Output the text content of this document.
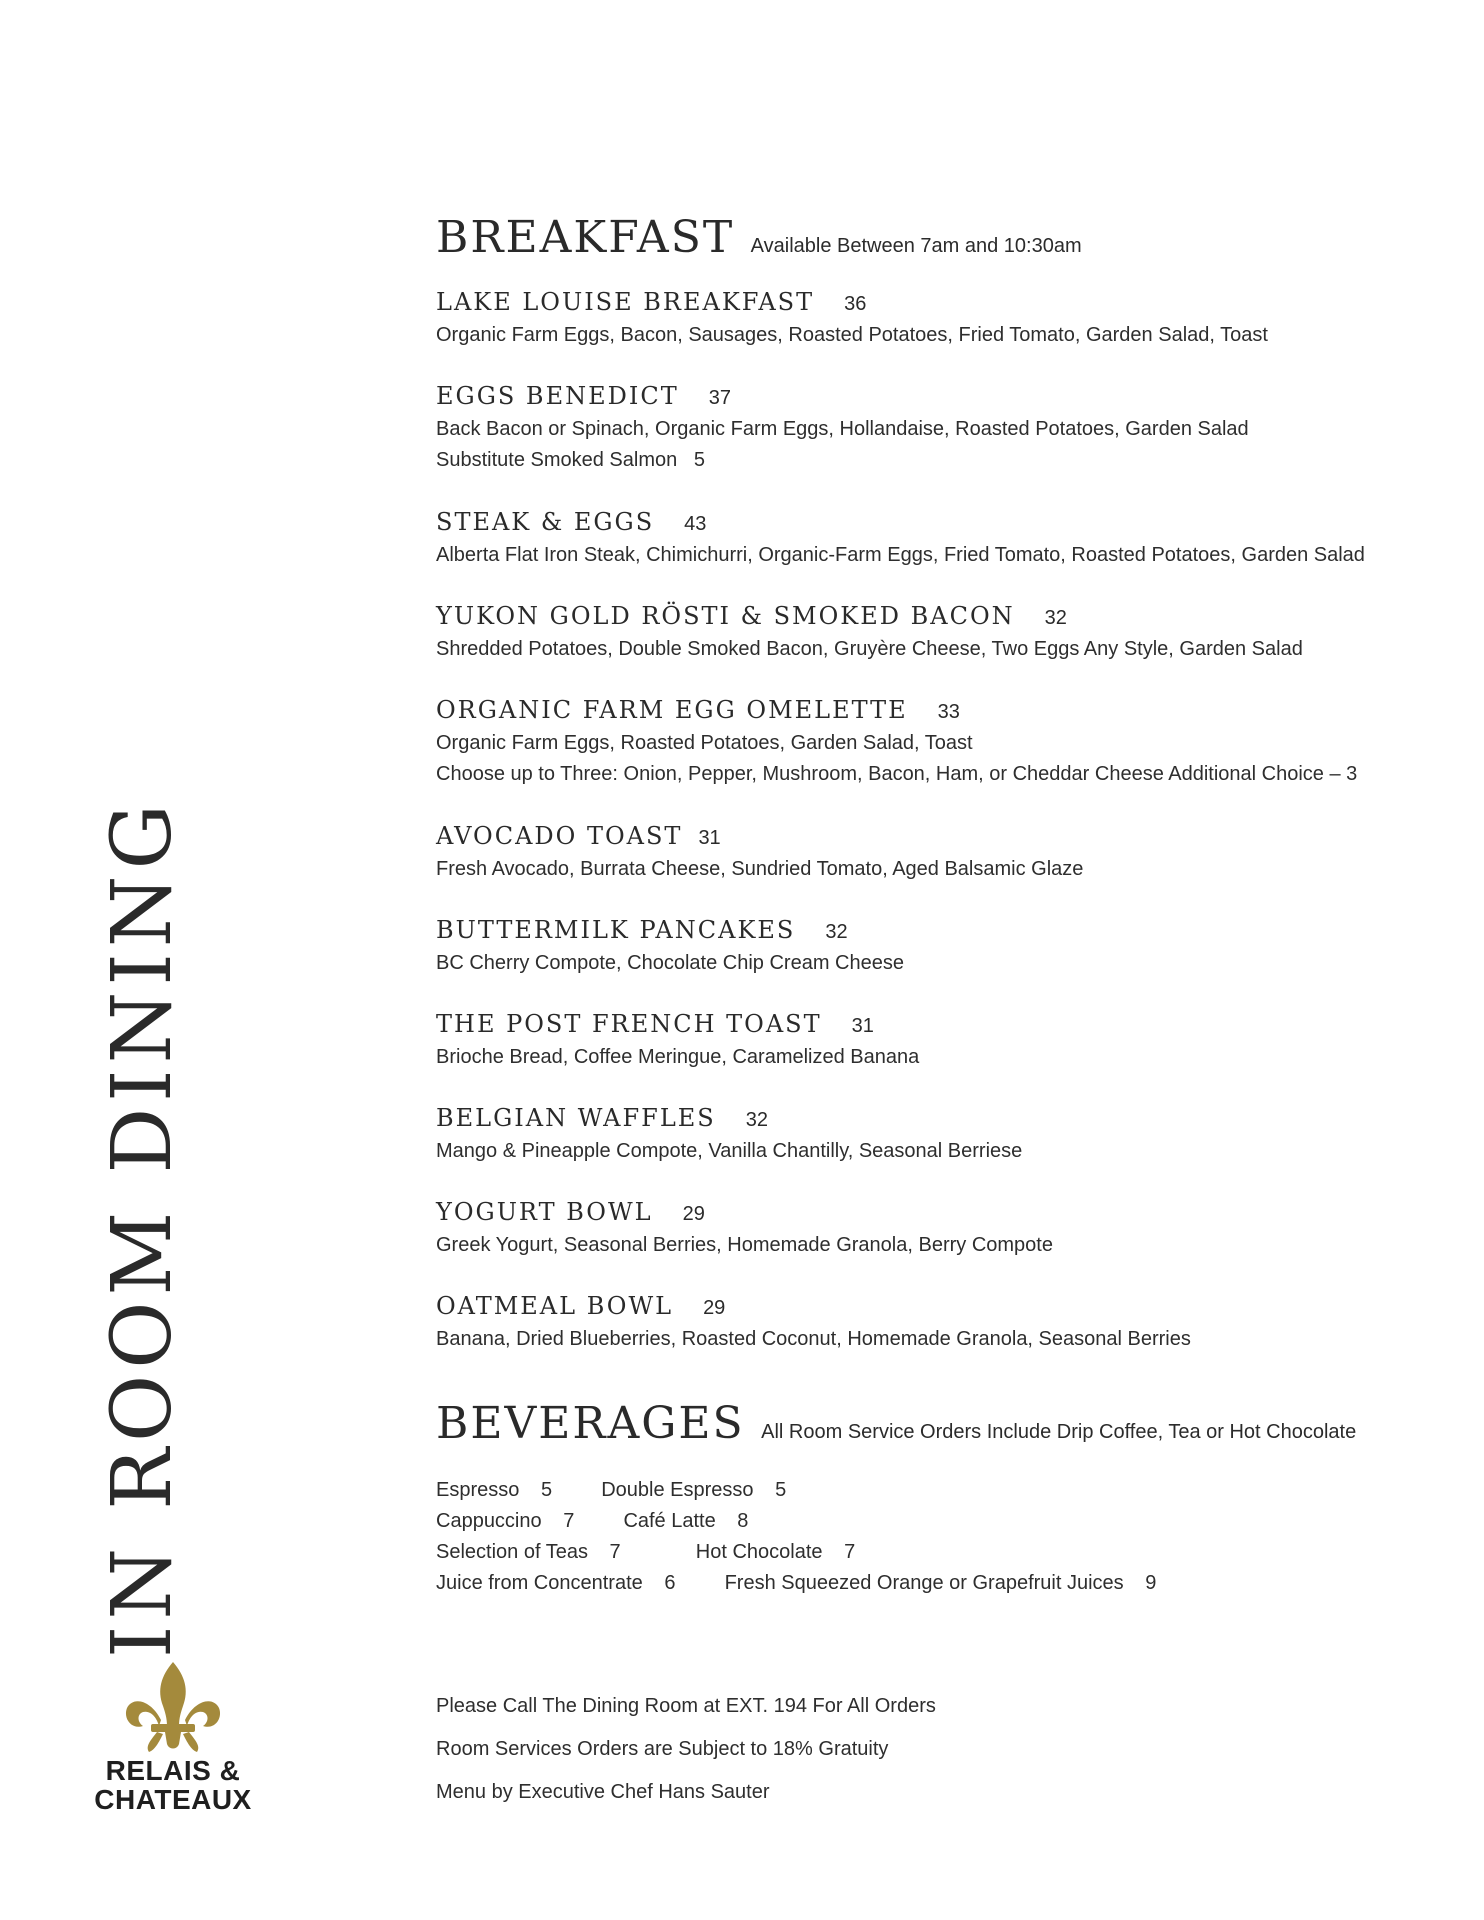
IN ROOM DINING
RELAIS &
CHATEAUX
BREAKFAST Available Between 7am and 10:30am
LAKE LOUISE BREAKFAST 36
Organic Farm Eggs, Bacon, Sausages, Roasted Potatoes, Fried Tomato, Garden Salad, Toast
EGGS BENEDICT 37
Back Bacon or Spinach, Organic Farm Eggs, Hollandaise, Roasted Potatoes, Garden Salad
Substitute Smoked Salmon   5
STEAK & EGGS 43
Alberta Flat Iron Steak, Chimichurri, Organic-Farm Eggs, Fried Tomato, Roasted Potatoes, Garden Salad
YUKON GOLD RÖSTI & SMOKED BACON 32
Shredded Potatoes, Double Smoked Bacon, Gruyère Cheese, Two Eggs Any Style, Garden Salad
ORGANIC FARM EGG OMELETTE 33
Organic Farm Eggs, Roasted Potatoes, Garden Salad, Toast
Choose up to Three: Onion, Pepper, Mushroom, Bacon, Ham, or Cheddar Cheese Additional Choice – 3
AVOCADO TOAST 31
Fresh Avocado, Burrata Cheese, Sundried Tomato, Aged Balsamic Glaze
BUTTERMILK PANCAKES 32
BC Cherry Compote, Chocolate Chip Cream Cheese
THE POST FRENCH TOAST 31
Brioche Bread, Coffee Meringue, Caramelized Banana
BELGIAN WAFFLES 32
Mango & Pineapple Compote, Vanilla Chantilly, Seasonal Berriese
YOGURT BOWL 29
Greek Yogurt, Seasonal Berries, Homemade Granola, Berry Compote
OATMEAL BOWL 29
Banana, Dried Blueberries, Roasted Coconut, Homemade Granola, Seasonal Berries
BEVERAGES All Room Service Orders Include Drip Coffee, Tea or Hot Chocolate
Espresso 5 Double Espresso 5
Cappuccino 7 Café Latte 8
Selection of Teas 7	Hot Chocolate 7
Juice from Concentrate 6 Fresh Squeezed Orange or Grapefruit Juices 9
Please Call The Dining Room at EXT. 194 For All Orders
Room Services Orders are Subject to 18% Gratuity
Menu by Executive Chef Hans Sauter
